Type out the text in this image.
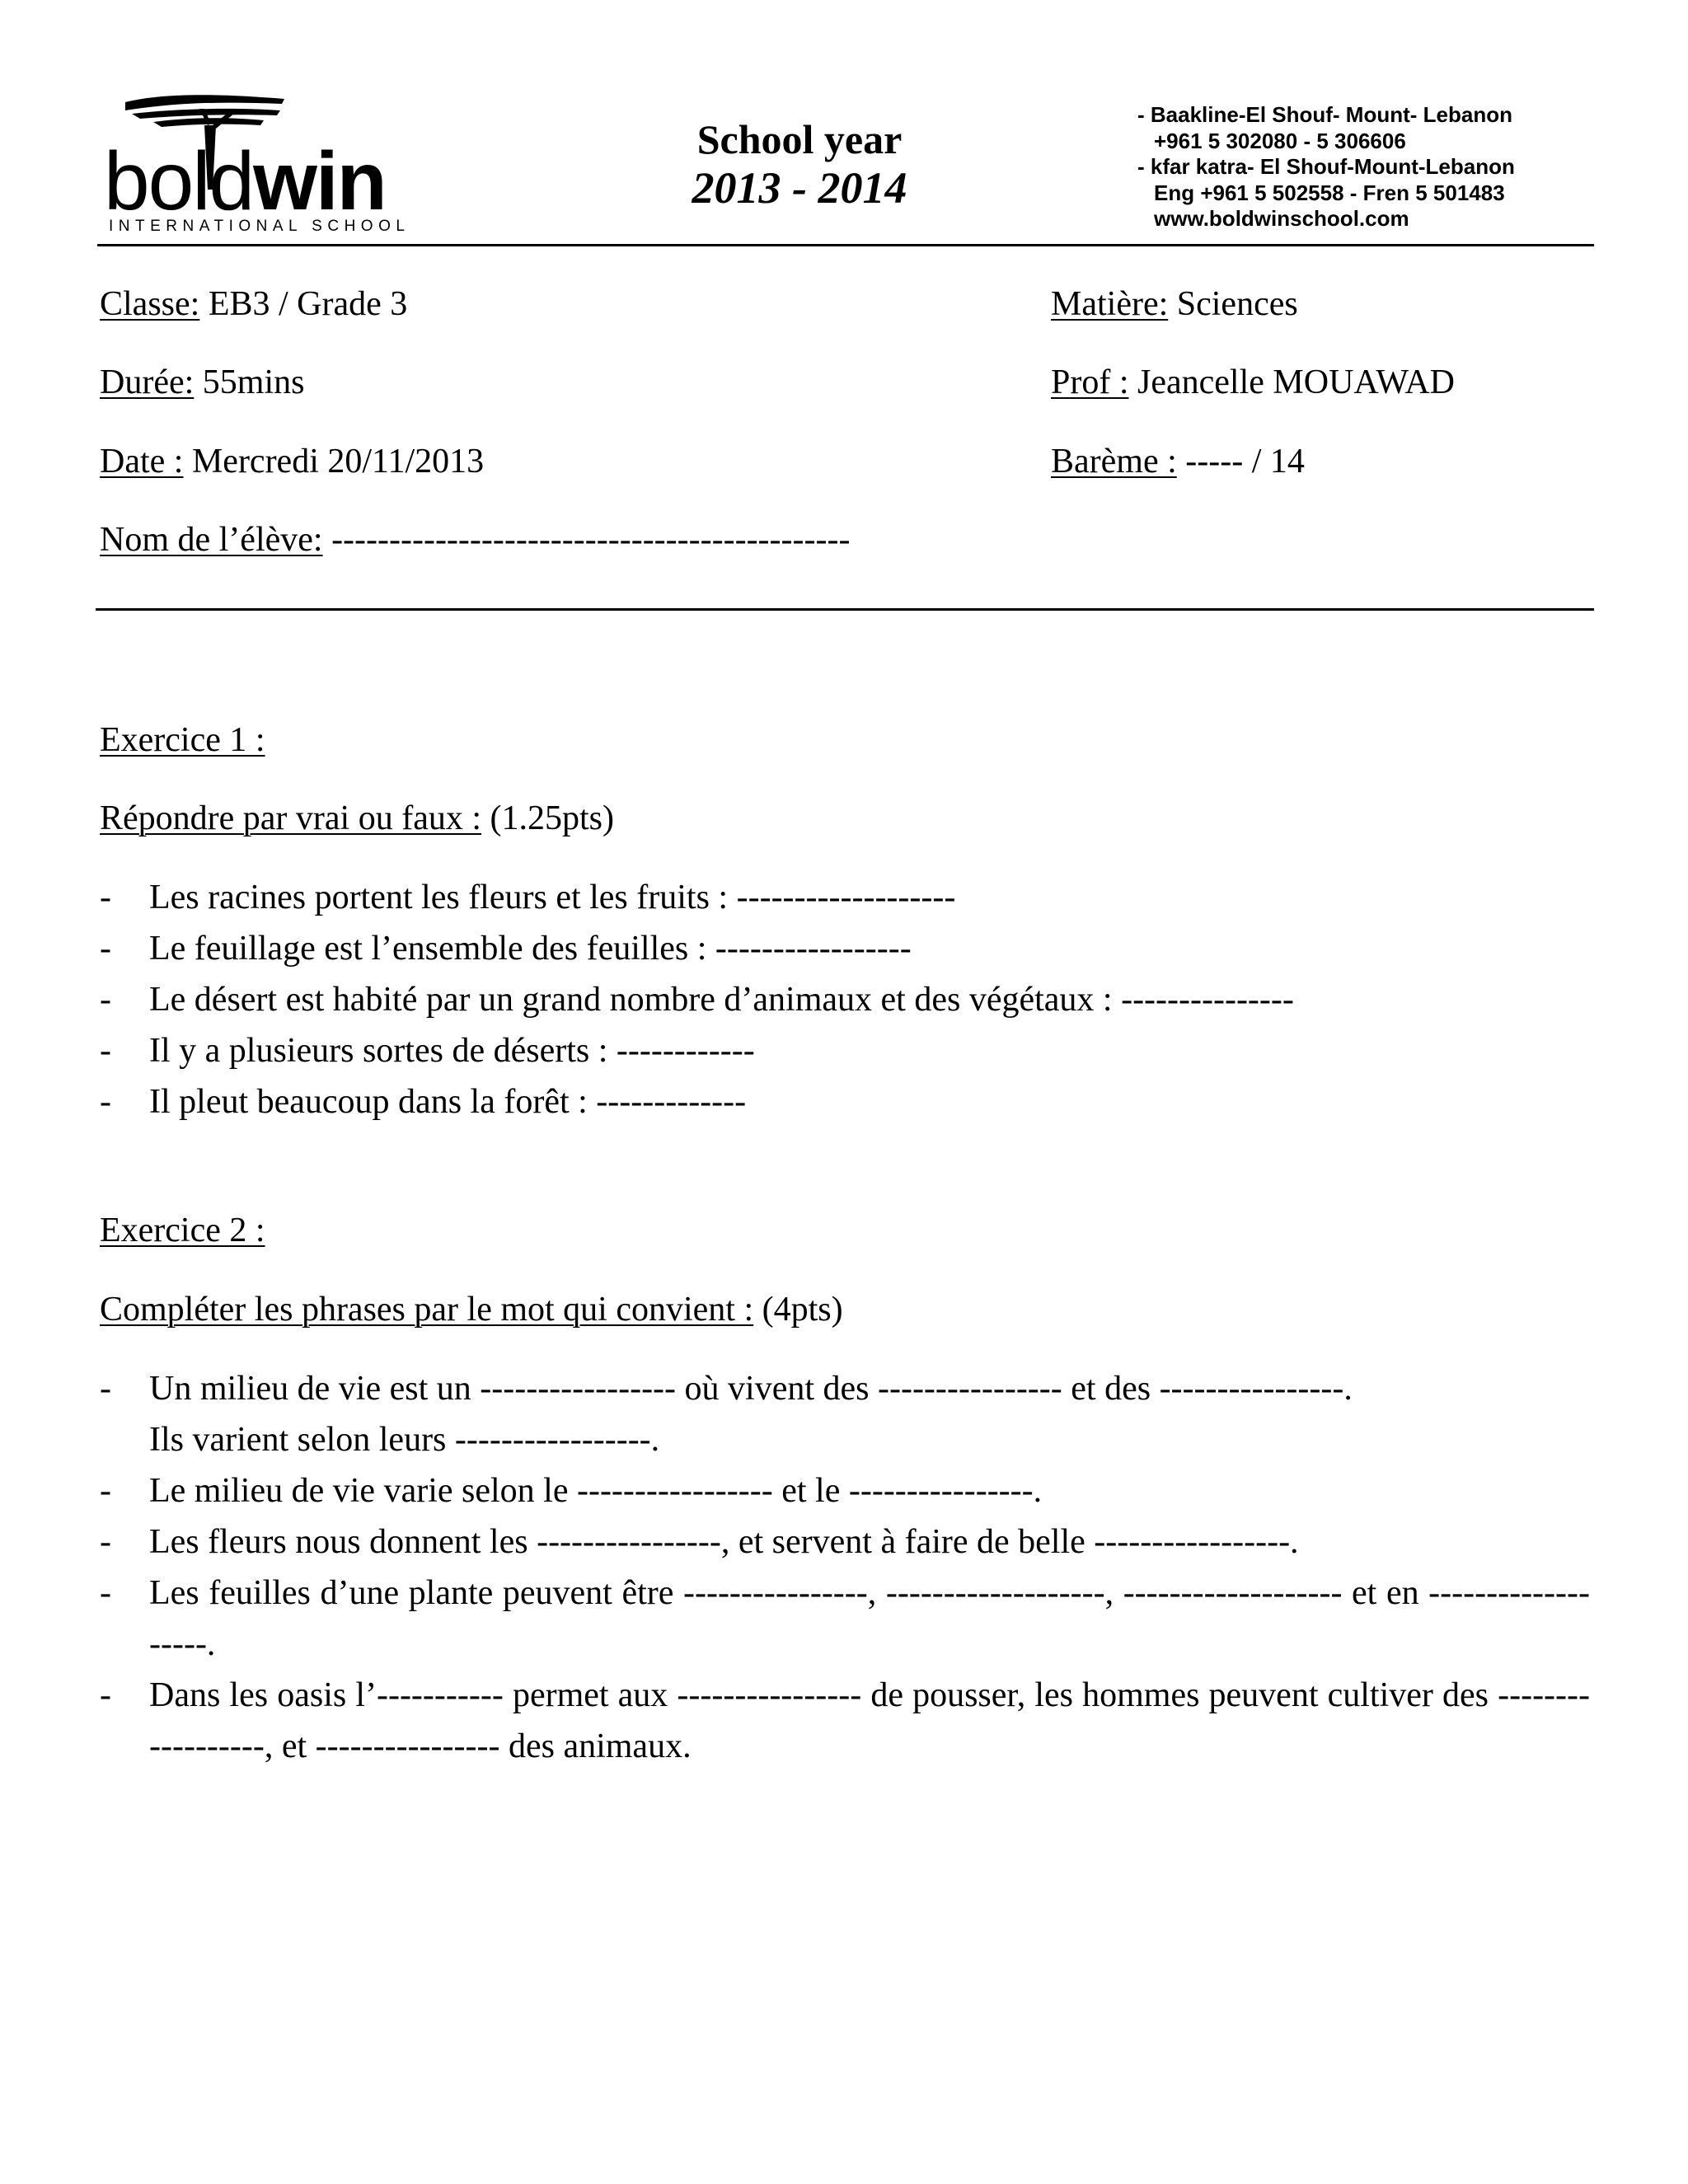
boldwin
INTERNATIONAL SCHOOL
School year
2013 - 2014
- Baakline-El Shouf- Mount- Lebanon
+961 5 302080 - 5 306606
- kfar katra- El Shouf-Mount-Lebanon
Eng +961 5 502558 - Fren 5 501483
www.boldwinschool.com
Classe: EB3 / Grade 3
Durée: 55mins
Date : Mercredi 20/11/2013
Nom de l’élève: ---------------------------------------------
Matière: Sciences
Prof : Jeancelle MOUAWAD
Barème : ----- / 14
Exercice 1 :
Répondre par vrai ou faux : (1.25pts)
- Les racines portent les fleurs et les fruits : -------------------
- Le feuillage est l’ensemble des feuilles : -----------------
- Le désert est habité par un grand nombre d’animaux et des végétaux : ---------------
- Il y a plusieurs sortes de déserts : ------------
- Il pleut beaucoup dans la forêt : -------------
Exercice 2 :
Compléter les phrases par le mot qui convient : (4pts)
- Un milieu de vie est un ----------------- où vivent des ---------------- et des ----------------.
Ils varient selon leurs -----------------.
- Le milieu de vie varie selon le ----------------- et le ----------------.
- Les fleurs nous donnent les ----------------, et servent à faire de belle -----------------.
- Les feuilles d’une plante peuvent être ----------------, -------------------, ------------------- et en -------------------.
- Dans les oasis l’----------- permet aux ---------------- de pousser, les hommes peuvent cultiver des ------------------, et ---------------- des animaux.
